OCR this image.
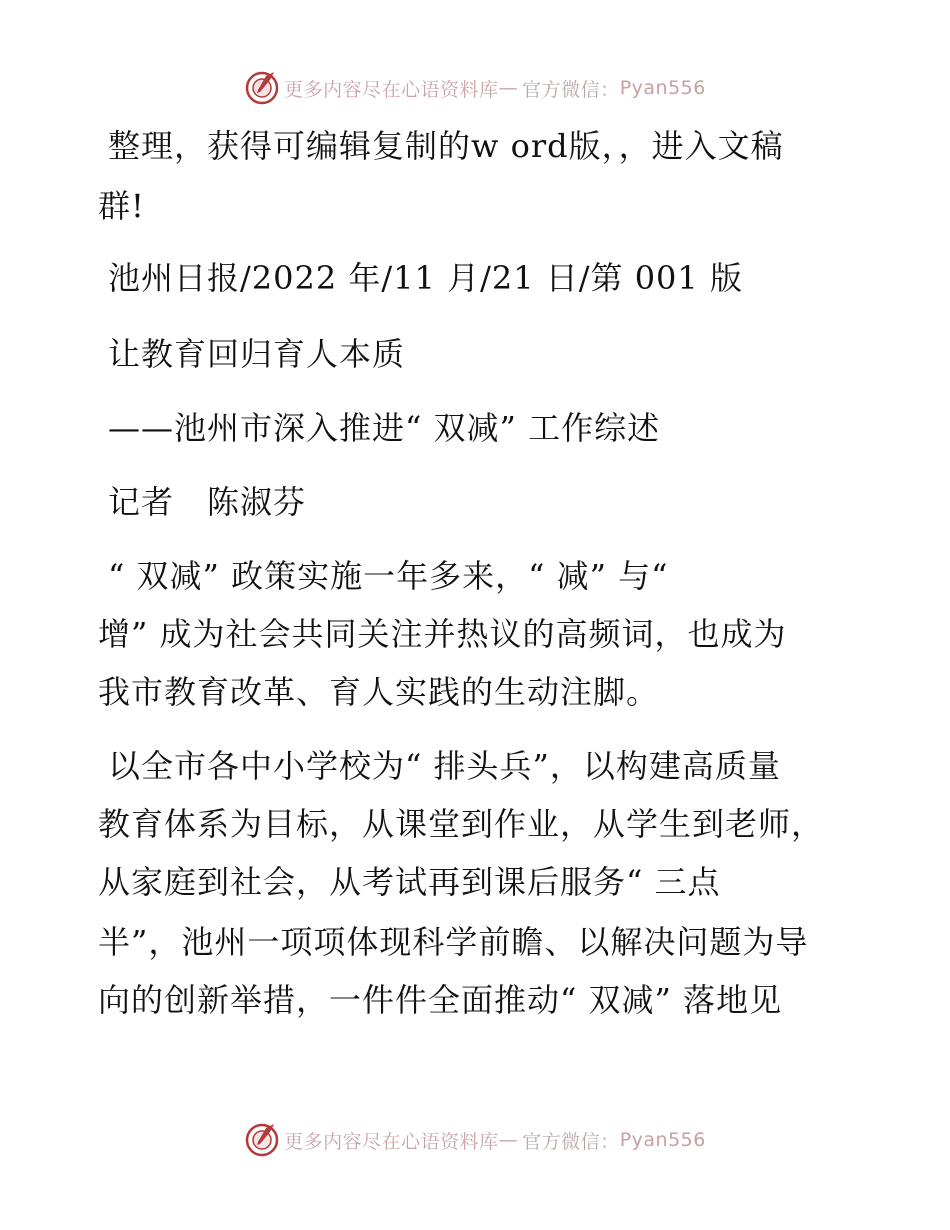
更多内容尽在心语资料库 — 官方微信： Pyan556
整理，获得可编辑复制的w ord版，，进入文稿
群!
池州日报/2022 年/11 月/21 日/第 001 版
让教育回归育人本质
——池州市深入推进“ 双减” 工作综述
记者　陈淑芬
“ 双减” 政策实施一年多来，“ 减” 与“
增” 成为社会共同关注并热议的高频词，也成为
我市教育改革、育人实践的生动注脚。
以全市各中小学校为“ 排头兵”，以构建高质量
教育体系为目标，从课堂到作业，从学生到老师，
从家庭到社会，从考试再到课后服务“ 三点
半”，池州一项项体现科学前瞻、以解决问题为导
向的创新举措，一件件全面推动“ 双减” 落地见
更多内容尽在心语资料库 — 官方微信： Pyan556
